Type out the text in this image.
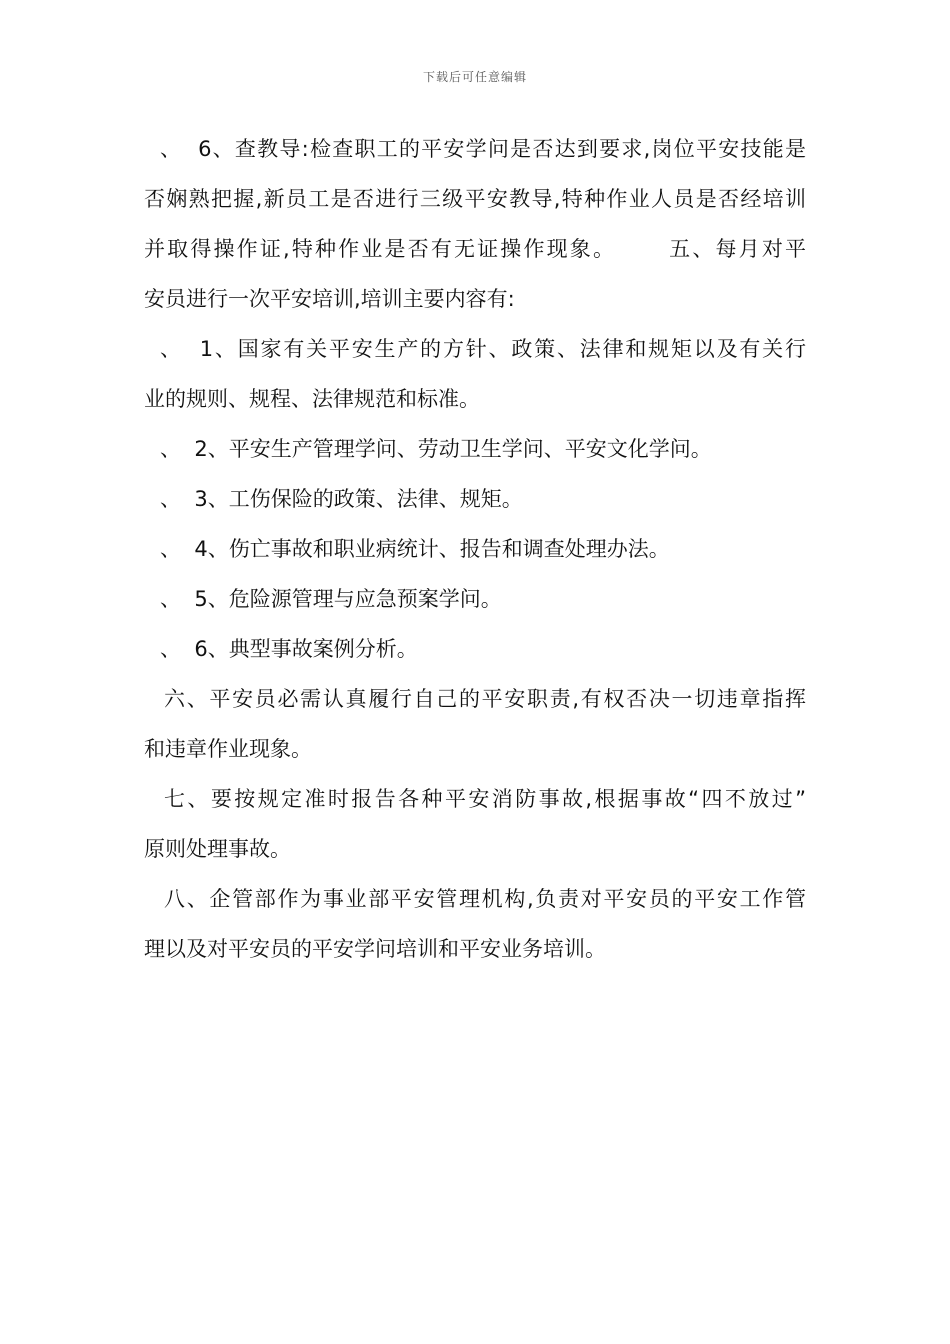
下载后可任意编辑
、  6、查教导:检查职工的平安学问是否达到要求,岗位平安技能是
否娴熟把握,新员工是否进行三级平安教导,特种作业人员是否经培训
并取得操作证,特种作业是否有无证操作现象。      五、每月对平
安员进行一次平安培训,培训主要内容有:
、  1、国家有关平安生产的方针、政策、法律和规矩以及有关行
业的规则、规程、法律规范和标准。
、  2、平安生产管理学问、劳动卫生学问、平安文化学问。
、  3、工伤保险的政策、法律、规矩。
、  4、伤亡事故和职业病统计、报告和调查处理办法。
、  5、危险源管理与应急预案学问。
、  6、典型事故案例分析。
六、平安员必需认真履行自己的平安职责,有权否决一切违章指挥
和违章作业现象。
七、要按规定准时报告各种平安消防事故,根据事故“四不放过”
原则处理事故。
八、企管部作为事业部平安管理机构,负责对平安员的平安工作管
理以及对平安员的平安学问培训和平安业务培训。
